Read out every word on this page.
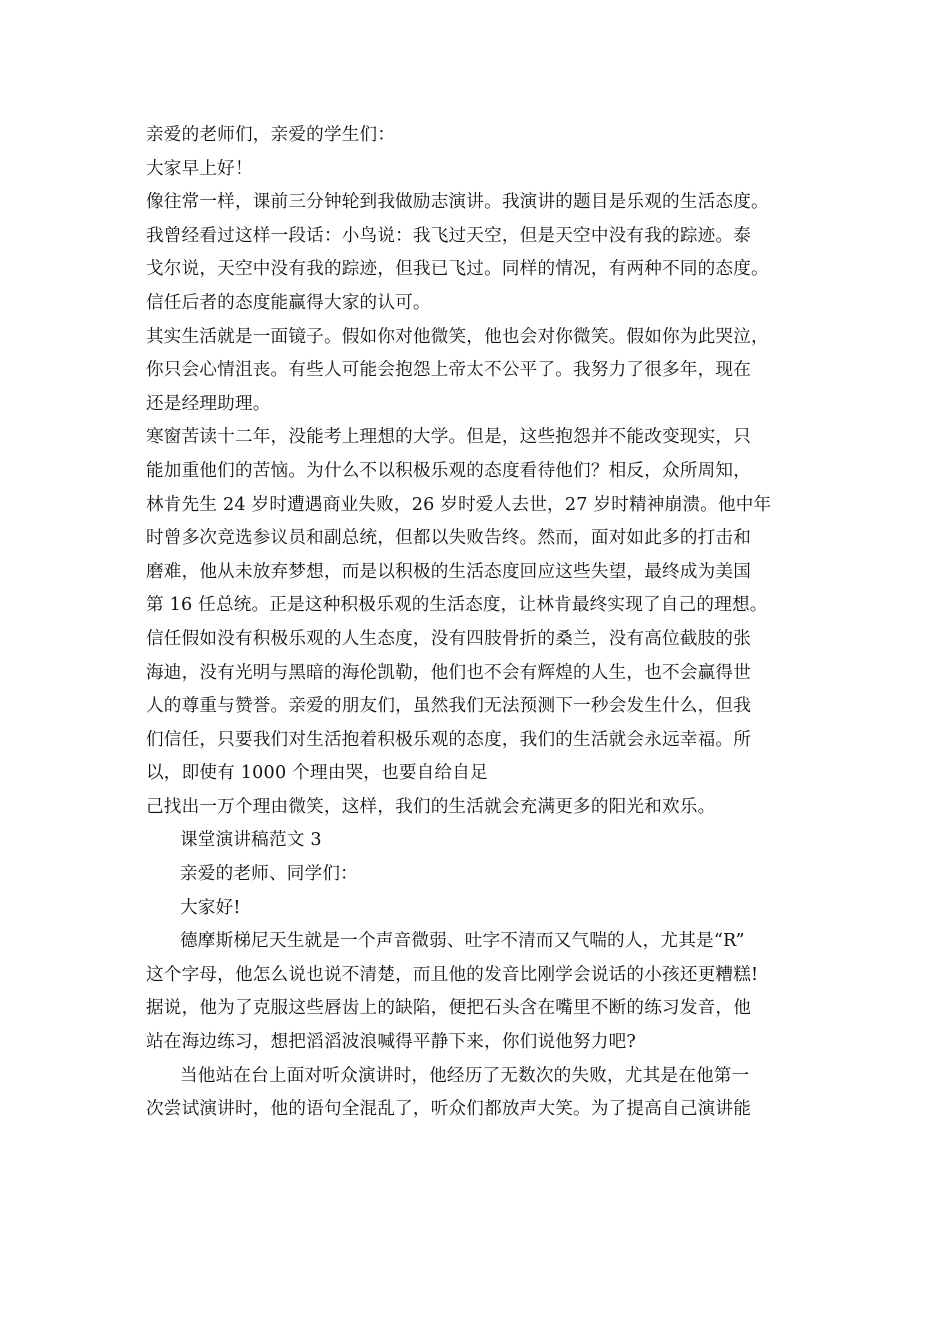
亲爱的老师们，亲爱的学生们：
大家早上好！
像往常一样，课前三分钟轮到我做励志演讲。我演讲的题目是乐观的生活态度。
我曾经看过这样一段话：小鸟说：我飞过天空，但是天空中没有我的踪迹。泰
戈尔说，天空中没有我的踪迹，但我已飞过。同样的情况，有两种不同的态度。
信任后者的态度能赢得大家的认可。
其实生活就是一面镜子。假如你对他微笑，他也会对你微笑。假如你为此哭泣，
你只会心情沮丧。有些人可能会抱怨上帝太不公平了。我努力了很多年，现在
还是经理助理。
寒窗苦读十二年，没能考上理想的大学。但是，这些抱怨并不能改变现实，只
能加重他们的苦恼。为什么不以积极乐观的态度看待他们？相反，众所周知，
林肯先生 24 岁时遭遇商业失败，26 岁时爱人去世，27 岁时精神崩溃。他中年
时曾多次竞选参议员和副总统，但都以失败告终。然而，面对如此多的打击和
磨难，他从未放弃梦想，而是以积极的生活态度回应这些失望，最终成为美国
第 16 任总统。正是这种积极乐观的生活态度，让林肯最终实现了自己的理想。
信任假如没有积极乐观的人生态度，没有四肢骨折的桑兰，没有高位截肢的张
海迪，没有光明与黑暗的海伦凯勒，他们也不会有辉煌的人生，也不会赢得世
人的尊重与赞誉。亲爱的朋友们，虽然我们无法预测下一秒会发生什么，但我
们信任，只要我们对生活抱着积极乐观的态度，我们的生活就会永远幸福。所
以，即使有 1000 个理由哭，也要自给自足
己找出一万个理由微笑，这样，我们的生活就会充满更多的阳光和欢乐。
课堂演讲稿范文 3
亲爱的老师、同学们：
大家好!
德摩斯梯尼天生就是一个声音微弱、吐字不清而又气喘的人，尤其是“R”
这个字母，他怎么说也说不清楚，而且他的发音比刚学会说话的小孩还更糟糕!
据说，他为了克服这些唇齿上的缺陷，便把石头含在嘴里不断的练习发音，他
站在海边练习，想把滔滔波浪喊得平静下来，你们说他努力吧?
当他站在台上面对听众演讲时，他经历了无数次的失败，尤其是在他第一
次尝试演讲时，他的语句全混乱了，听众们都放声大笑。为了提高自己演讲能
